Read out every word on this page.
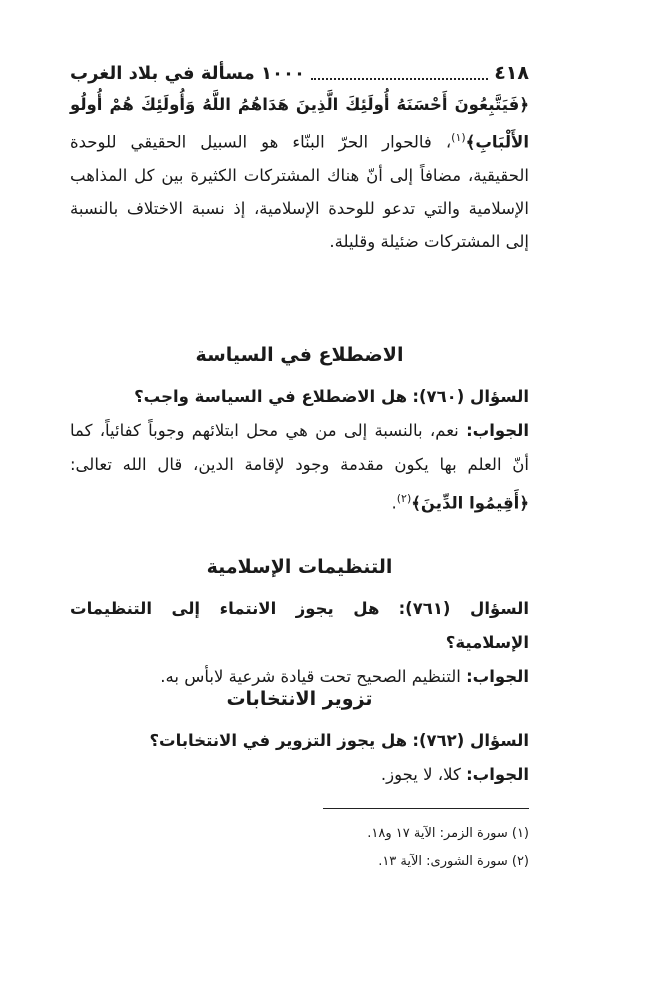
٤١٨
١٠٠٠ مسألة في بلاد الغرب

﴿فَيَتَّبِعُونَ أَحْسَنَهُ أُولَئِكَ الَّذِينَ هَدَاهُمُ اللَّهُ وَأُولَئِكَ هُمْ أُولُو الأَلْبَابِ﴾$^{(١)}$، فالحوار الحرّ البنّاء هو السبيل الحقيقي للوحدة الحقيقية، مضافاً إلى أنّ هناك المشتركات الكثيرة بين كل المذاهب الإسلامية والتي تدعو للوحدة الإسلامية، إذ نسبة الاختلاف بالنسبة إلى المشتركات ضئيلة وقليلة.

الاضطلاع في السياسة

السؤال (٧٦٠): هل الاضطلاع في السياسة واجب؟

الجواب: نعم، بالنسبة إلى من هي محل ابتلائهم وجوباً كفائياً، كما أنّ العلم بها يكون مقدمة وجود لإقامة الدين، قال الله تعالى: ﴿أَقِيمُوا الدِّينَ﴾$^{(٢)}$.

التنظيمات الإسلامية

السؤال (٧٦١): هل يجوز الانتماء إلى التنظيمات الإسلامية؟

الجواب: التنظيم الصحيح تحت قيادة شرعية لابأس به.

تزوير الانتخابات

السؤال (٧٦٢): هل يجوز التزوير في الانتخابات؟

الجواب: كلا، لا يجوز.

(١) سورة الزمر: الآية ١٧ و١٨.

(٢) سورة الشورى: الآية ١٣.
